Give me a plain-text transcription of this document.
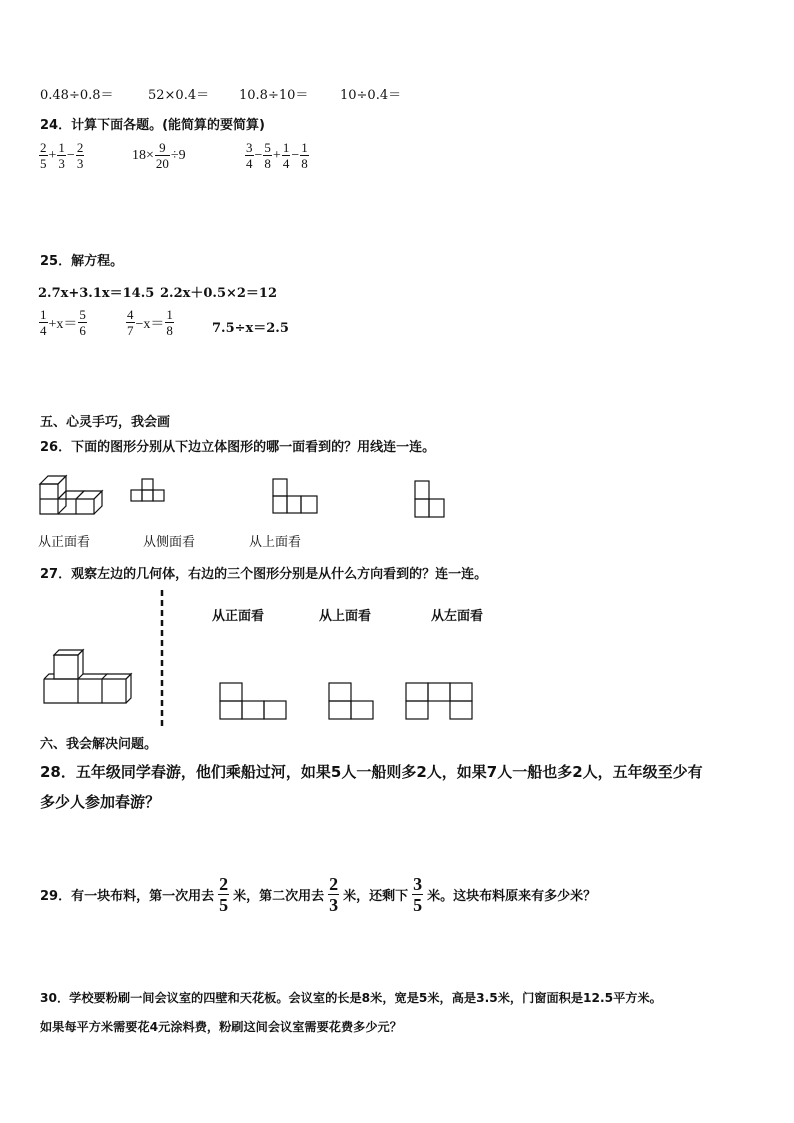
0.48÷0.8＝	52×0.4＝ 10.8÷10＝ 10÷0.4＝
24．计算下面各题。(能简算的要简算)
$\frac{2}{5} + \frac{1}{3} - \frac{2}{3}$	$18\times \frac{9}{20} \div 9$	$\frac{3}{4} - \frac{5}{8} + \frac{1}{4} - \frac{1}{8}$
25．解方程。
2.7x+3.1x＝14.5 2.2x＋0.5×2＝12
$\frac{1}{4} +x= \frac{5}{6}$	$\frac{4}{7} -x= \frac{1}{8}$	7.5÷x＝2.5
五、心灵手巧，我会画
26．下面的图形分别从下边立体图形的哪一面看到的？用线连一连。
从正面看	从侧面看	从上面看
27．观察左边的几何体，右边的三个图形分别是从什么方向看到的？连一连。
从正面看	从上面看	从左面看
六、我会解决问题。
28．五年级同学春游，他们乘船过河，如果5人一船则多2人，如果7人一船也多2人，五年级至少有
多少人参加春游？
29．有一块布料，第一次用去 $\frac{2}{5}$ 米，第二次用去 $\frac{2}{3}$ 米，还剩下 $\frac{3}{5}$ 米。这块布料原来有多少米？
30．学校要粉刷一间会议室的四壁和天花板。会议室的长是8米，宽是5米，高是3.5米，门窗面积是12.5平方米。
如果每平方米需要花4元涂料费，粉刷这间会议室需要花费多少元？
